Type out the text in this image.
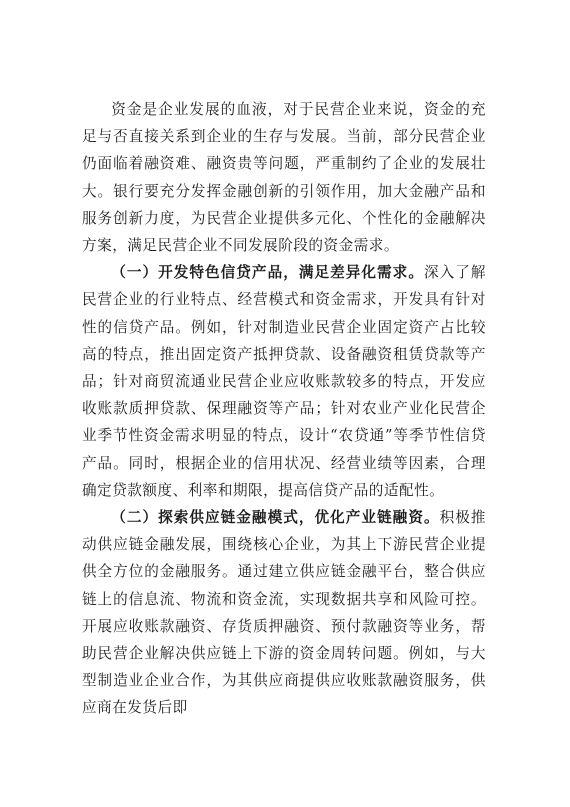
资金是企业发展的血液，对于民营企业来说，资金的充足与否直接关系到企业的生存与发展。当前，部分民营企业仍面临着融资难、融资贵等问题，严重制约了企业的发展壮大。银行要充分发挥金融创新的引领作用，加大金融产品和服务创新力度，为民营企业提供多元化、个性化的金融解决方案，满足民营企业不同发展阶段的资金需求。

（一）开发特色信贷产品，满足差异化需求。深入了解民营企业的行业特点、经营模式和资金需求，开发具有针对性的信贷产品。例如，针对制造业民营企业固定资产占比较高的特点，推出固定资产抵押贷款、设备融资租赁贷款等产品；针对商贸流通业民营企业应收账款较多的特点，开发应收账款质押贷款、保理融资等产品；针对农业产业化民营企业季节性资金需求明显的特点，设计“农贷通”等季节性信贷产品。同时，根据企业的信用状况、经营业绩等因素，合理确定贷款额度、利率和期限，提高信贷产品的适配性。

（二）探索供应链金融模式，优化产业链融资。积极推动供应链金融发展，围绕核心企业，为其上下游民营企业提供全方位的金融服务。通过建立供应链金融平台，整合供应链上的信息流、物流和资金流，实现数据共享和风险可控。开展应收账款融资、存货质押融资、预付款融资等业务，帮助民营企业解决供应链上下游的资金周转问题。例如，与大型制造业企业合作，为其供应商提供应收账款融资服务，供应商在发货后即
